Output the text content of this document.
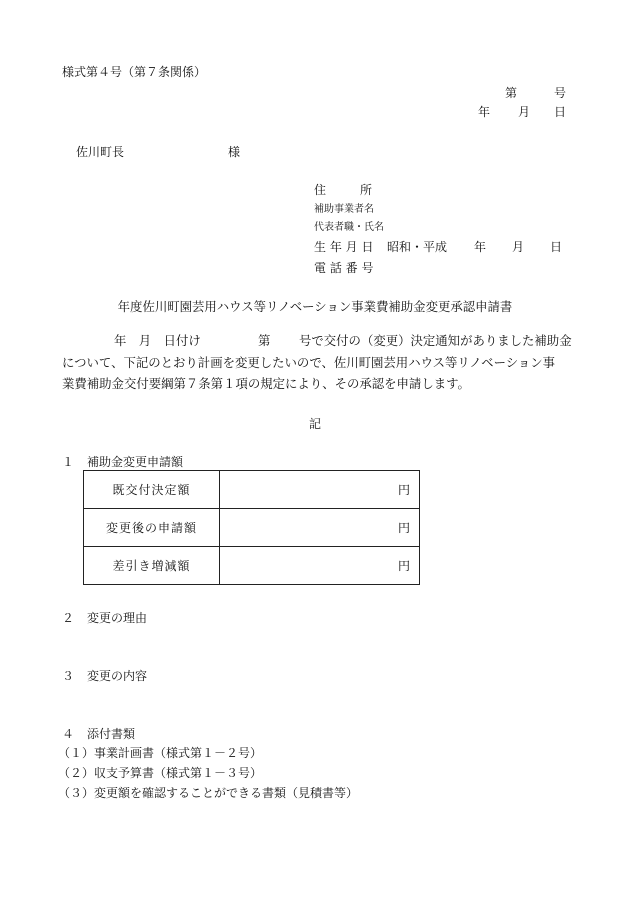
様式第４号（第７条関係）
第	号
年 月 日
佐川町長	様
住	所
補助事業者名
代表者職・氏名
生 年 月 日 昭和・平成 年 月 日
電 話 番 号
年度佐川町園芸用ハウス等リノベーション事業費補助金変更承認申請書
年　月　日付け	第 号で交付の（変更）決定通知がありました補助金
について、下記のとおり計画を変更したいので、佐川町園芸用ハウス等リノベーション事
業費補助金交付要綱第７条第１項の規定により、その承認を申請します。
記
１ 補助金変更申請額
既交付決定額	円
変更後の申請額	円
差引き増減額	円
２ 変更の理由
３ 変更の内容
４ 添付書類
（１）事業計画書（様式第１－２号）
（２）収支予算書（様式第１－３号）
（３）変更額を確認することができる書類（見積書等）
